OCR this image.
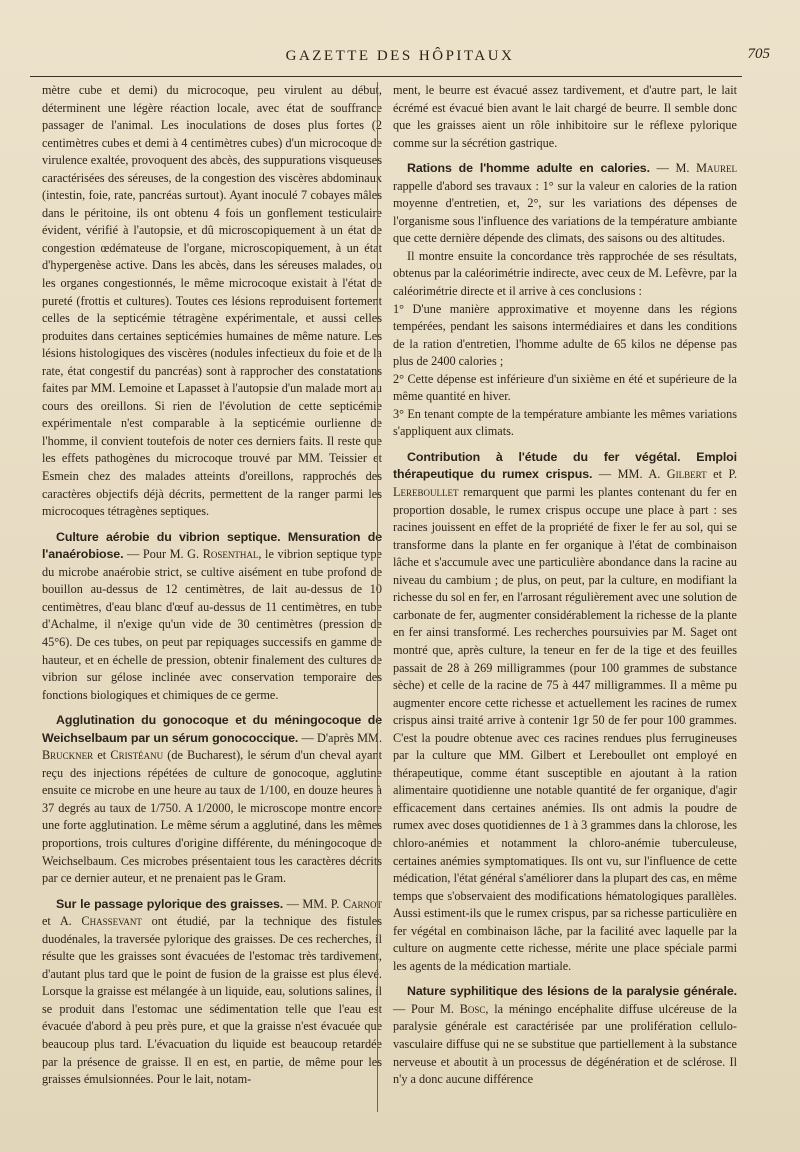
GAZETTE DES HÔPITAUX	705

mètre cube et demi) du microcoque, peu virulent au début, déterminent une légère réaction locale, avec état de souffrance passager de l'animal. Les inoculations de doses plus fortes (2 centimètres cubes et demi à 4 centimètres cubes) d'un microcoque de virulence exaltée, provoquent des abcès, des suppurations visqueuses caractérisées des séreuses, de la congestion des viscères abdominaux (intestin, foie, rate, pancréas surtout). Ayant inoculé 7 cobayes mâles dans le péritoine, ils ont obtenu 4 fois un gonflement testiculaire évident, vérifié à l'autopsie, et dû microscopiquement à un état de congestion œdémateuse de l'organe, microscopiquement, à un état d'hypergenèse active. Dans les abcès, dans les séreuses malades, ou les organes congestionnés, le même microcoque existait à l'état de pureté (frottis et cultures). Toutes ces lésions reproduisent fortement celles de la septicémie tétragène expérimentale, et aussi celles produites dans certaines septicémies humaines de même nature. Les lésions histologiques des viscères (nodules infectieux du foie et de la rate, état congestif du pancréas) sont à rapprocher des constatations faites par MM. Lemoine et Lapasset à l'autopsie d'un malade mort au cours des oreillons. Si rien de l'évolution de cette septicémie expérimentale n'est comparable à la septicémie ourlienne de l'homme, il convient toutefois de noter ces derniers faits. Il reste que les effets pathogènes du microcoque trouvé par MM. Teissier et Esmein chez des malades atteints d'oreillons, rapprochés des caractères objectifs déjà décrits, permettent de la ranger parmi les microcoques tétragènes septiques.

Culture aérobie du vibrion septique. Mensuration de l'anaérobiose. — Pour M. G. Rosenthal, le vibrion septique type du microbe anaérobie strict, se cultive aisément en tube profond de bouillon au-dessus de 12 centimètres, de lait au-dessus de 10 centimètres, d'eau blanc d'œuf au-dessus de 11 centimètres, en tube d'Achalme, il n'exige qu'un vide de 30 centimètres (pression de 45°6). De ces tubes, on peut par repiquages successifs en gamme de hauteur, et en échelle de pression, obtenir finalement des cultures de vibrion sur gélose inclinée avec conservation temporaire des fonctions biologiques et chimiques de ce germe.

Agglutination du gonocoque et du méningocoque de Weichselbaum par un sérum gonococcique. — D'après MM. Bruckner et Cristéanu (de Bucharest), le sérum d'un cheval ayant reçu des injections répétées de culture de gonocoque, agglutine ensuite ce microbe en une heure au taux de 1/100, en douze heures à 37 degrés au taux de 1/750. A 1/2000, le microscope montre encore une forte agglutination. Le même sérum a agglutiné, dans les mêmes proportions, trois cultures d'origine différente, du méningocoque de Weichselbaum. Ces microbes présentaient tous les caractères décrits par ce dernier auteur, et ne prenaient pas le Gram.

Sur le passage pylorique des graisses. — MM. P. Carnot et A. Chassevant ont étudié, par la technique des fistules duodénales, la traversée pylorique des graisses. De ces recherches, il résulte que les graisses sont évacuées de l'estomac très tardivement, d'autant plus tard que le point de fusion de la graisse est plus élevé. Lorsque la graisse est mélangée à un liquide, eau, solutions salines, il se produit dans l'estomac une sédimentation telle que l'eau est évacuée d'abord à peu près pure, et que la graisse n'est évacuée que beaucoup plus tard. L'évacuation du liquide est beaucoup retardée par la présence de graisse. Il en est, en partie, de même pour les graisses émulsionnées. Pour le lait, notam-

ment, le beurre est évacué assez tardivement, et d'autre part, le lait écrémé est évacué bien avant le lait chargé de beurre. Il semble donc que les graisses aient un rôle inhibitoire sur le réflexe pylorique comme sur la sécrétion gastrique.

Rations de l'homme adulte en calories. — M. Maurel rappelle d'abord ses travaux : 1° sur la valeur en calories de la ration moyenne d'entretien, et, 2°, sur les variations des dépenses de l'organisme sous l'influence des variations de la température ambiante que cette dernière dépende des climats, des saisons ou des altitudes.

Il montre ensuite la concordance très rapprochée de ses résultats, obtenus par la caléorimétrie indirecte, avec ceux de M. Lefèvre, par la caléorimétrie directe et il arrive à ces conclusions :

1° D'une manière approximative et moyenne dans les régions tempérées, pendant les saisons intermédiaires et dans les conditions de la ration d'entretien, l'homme adulte de 65 kilos ne dépense pas plus de 2400 calories ;

2° Cette dépense est inférieure d'un sixième en été et supérieure de la même quantité en hiver.

3° En tenant compte de la température ambiante les mêmes variations s'appliquent aux climats.

Contribution à l'étude du fer végétal. Emploi thérapeutique du rumex crispus. — MM. A. Gilbert et P. Lereboullet remarquent que parmi les plantes contenant du fer en proportion dosable, le rumex crispus occupe une place à part : ses racines jouissent en effet de la propriété de fixer le fer au sol, qui se transforme dans la plante en fer organique à l'état de combinaison lâche et s'accumule avec une particulière abondance dans la racine au niveau du cambium ; de plus, on peut, par la culture, en modifiant la richesse du sol en fer, en l'arrosant régulièrement avec une solution de carbonate de fer, augmenter considérablement la richesse de la plante en fer ainsi transformé. Les recherches poursuivies par M. Saget ont montré que, après culture, la teneur en fer de la tige et des feuilles passait de 28 à 269 milligrammes (pour 100 grammes de substance sèche) et celle de la racine de 75 à 447 milligrammes. Il a même pu augmenter encore cette richesse et actuellement les racines de rumex crispus ainsi traité arrive à contenir 1gr 50 de fer pour 100 grammes. C'est la poudre obtenue avec ces racines rendues plus ferrugineuses par la culture que MM. Gilbert et Lereboullet ont employé en thérapeutique, comme étant susceptible en ajoutant à la ration alimentaire quotidienne une notable quantité de fer organique, d'agir efficacement dans certaines anémies. Ils ont admis la poudre de rumex avec doses quotidiennes de 1 à 3 grammes dans la chlorose, les chloro-anémies et notamment la chloro-anémie tuberculeuse, certaines anémies symptomatiques. Ils ont vu, sur l'influence de cette médication, l'état général s'améliorer dans la plupart des cas, en même temps que s'observaient des modifications hématologiques parallèles. Aussi estiment-ils que le rumex crispus, par sa richesse particulière en fer végétal en combinaison lâche, par la facilité avec laquelle par la culture on augmente cette richesse, mérite une place spéciale parmi les agents de la médication martiale.

Nature syphilitique des lésions de la paralysie générale. — Pour M. Bosc, la méningo encéphalite diffuse ulcéreuse de la paralysie générale est caractérisée par une prolifération cellulo-vasculaire diffuse qui ne se substitue que partiellement à la substance nerveuse et aboutit à un processus de dégénération et de sclérose. Il n'y a donc aucune différence
